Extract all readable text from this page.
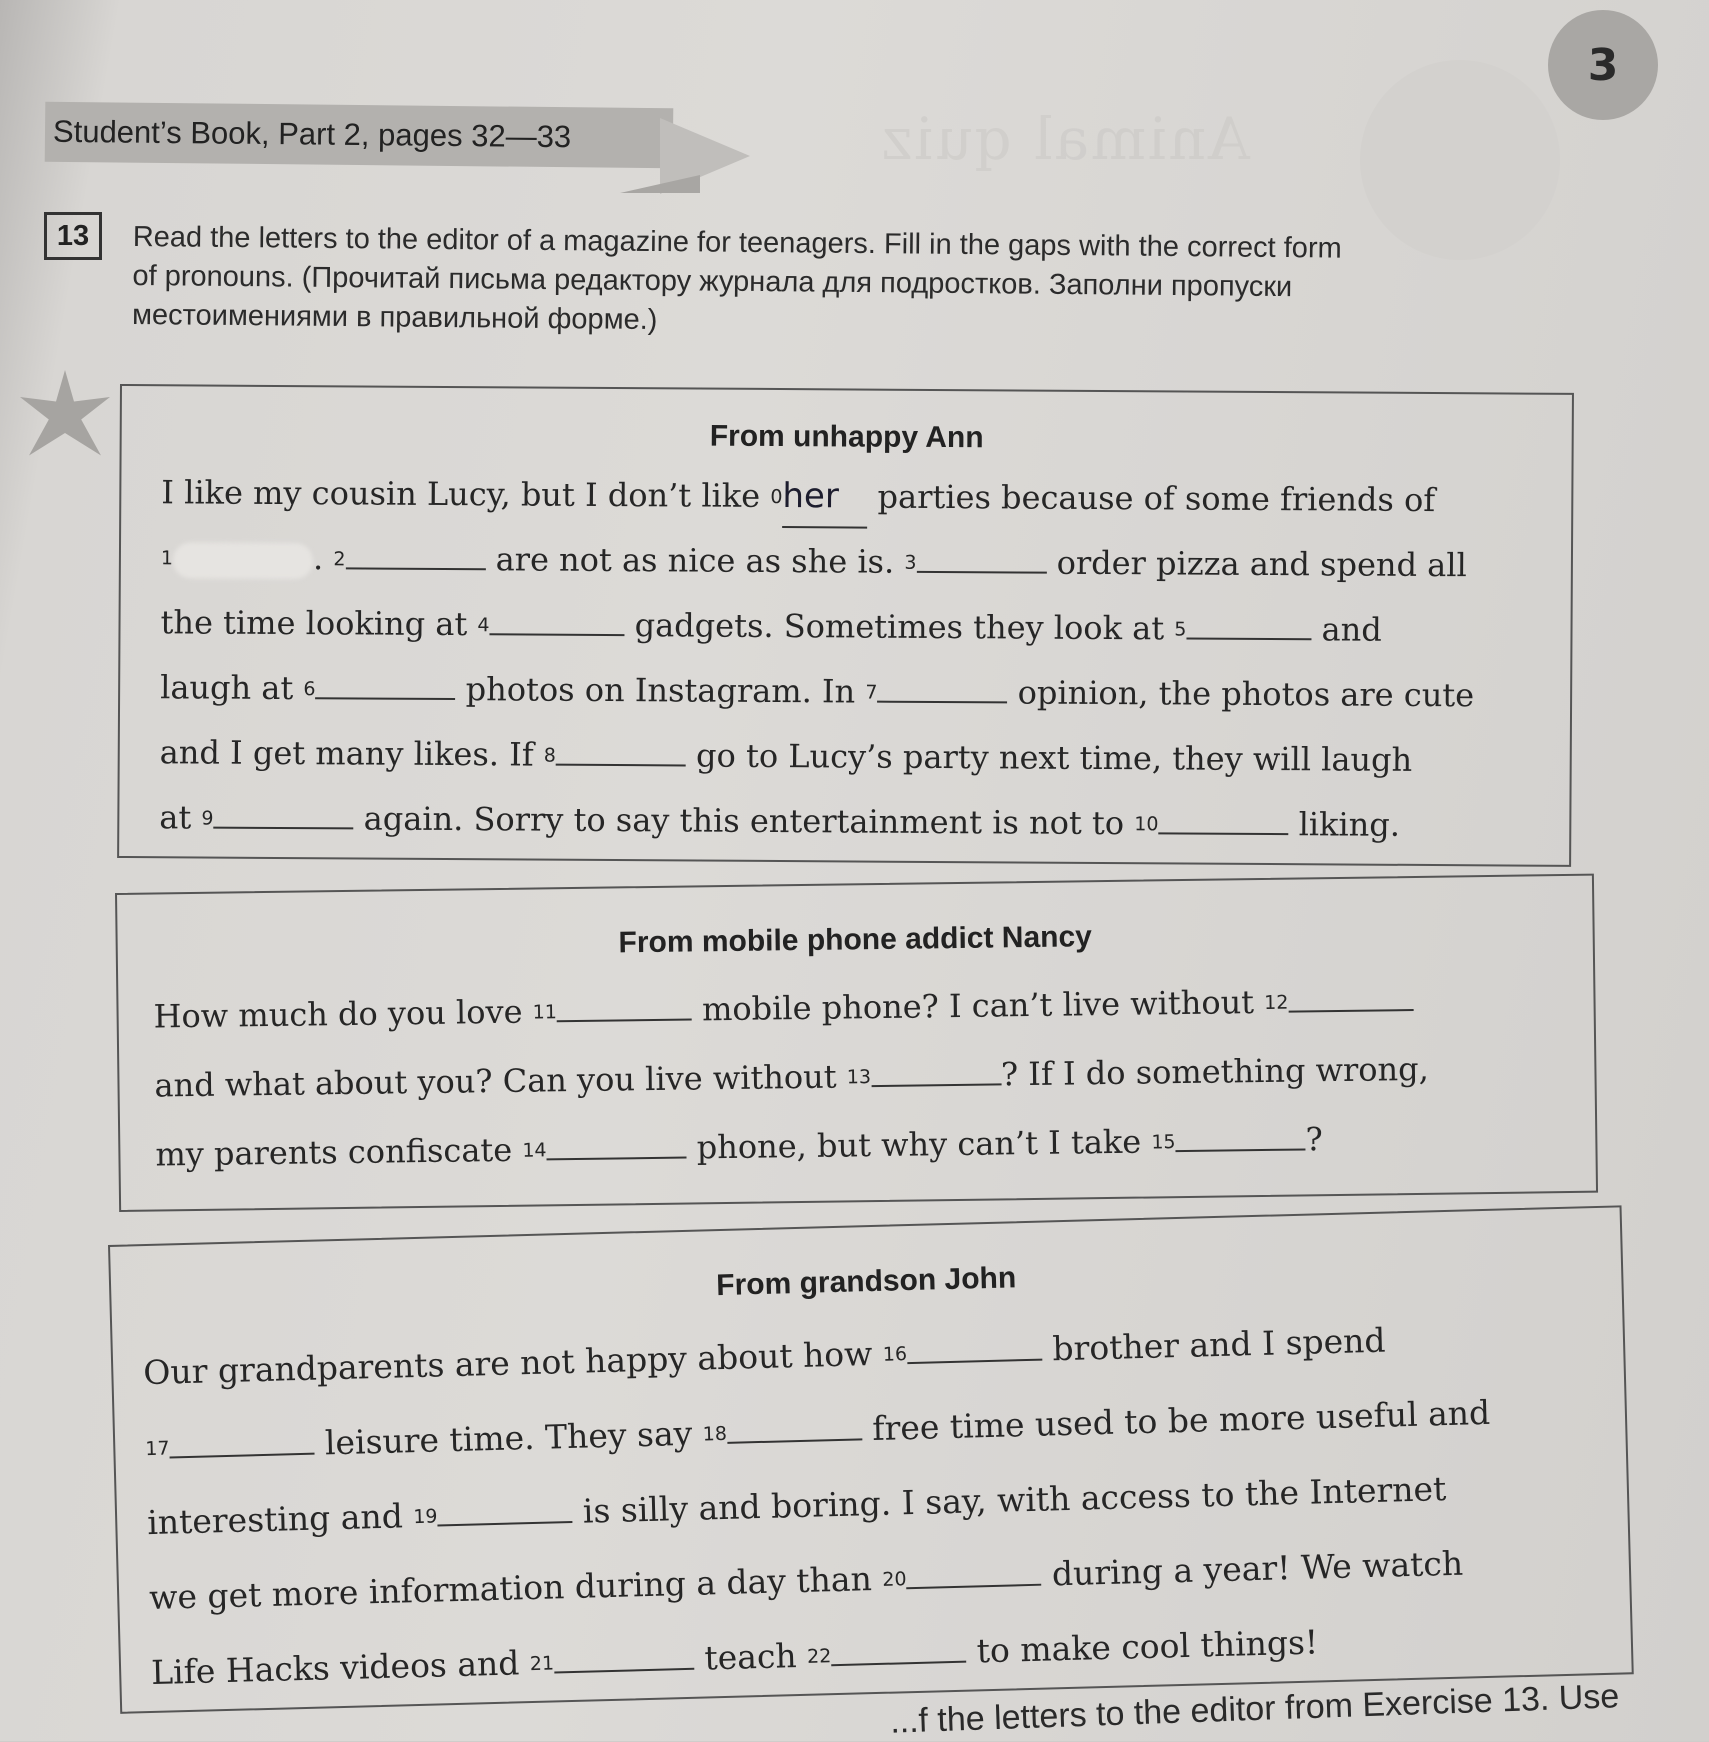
Animal quiz
3
Student’s Book, Part 2, pages 32—33
13	Read the letters to the editor of a magazine for teenagers. Fill in the gaps with the correct form
of pronouns. (Прочитай письма редактору журнала для подростков. Заполни пропуски
местоимениями в правильной форме.)
From unhappy Ann
I like my cousin Lucy, but I don’t like $^0$her parties because of some friends of
$^1$	. $^2$	are not as nice as she is. $^3$	order pizza and spend all
the time looking at $^4$	gadgets. Sometimes they look at $^5$	and
laugh at $^6$	photos on Instagram. In $^7$	opinion, the photos are cute
and I get many likes. If $^8$	go to Lucy’s party next time, they will laugh
at $^9$	again. Sorry to say this entertainment is not to $^{10}$	liking.
From mobile phone addict Nancy
How much do you love $^{11}$	mobile phone? I can’t live without $^{12}$
and what about you? Can you live without $^{13}$	? If I do something wrong,
my parents confiscate $^{14}$	phone, but why can’t I take $^{15}$	?
From grandson John
Our grandparents are not happy about how $^{16}$	brother and I spend
$^{17}$	leisure time. They say $^{18}$	free time used to be more useful and
interesting and $^{19}$	is silly and boring. I say, with access to the Internet
we get more information during a day than $^{20}$	during a year! We watch
Life Hacks videos and $^{21}$	teach $^{22}$	to make cool things!
...f the letters to the editor from Exercise 13. Use
